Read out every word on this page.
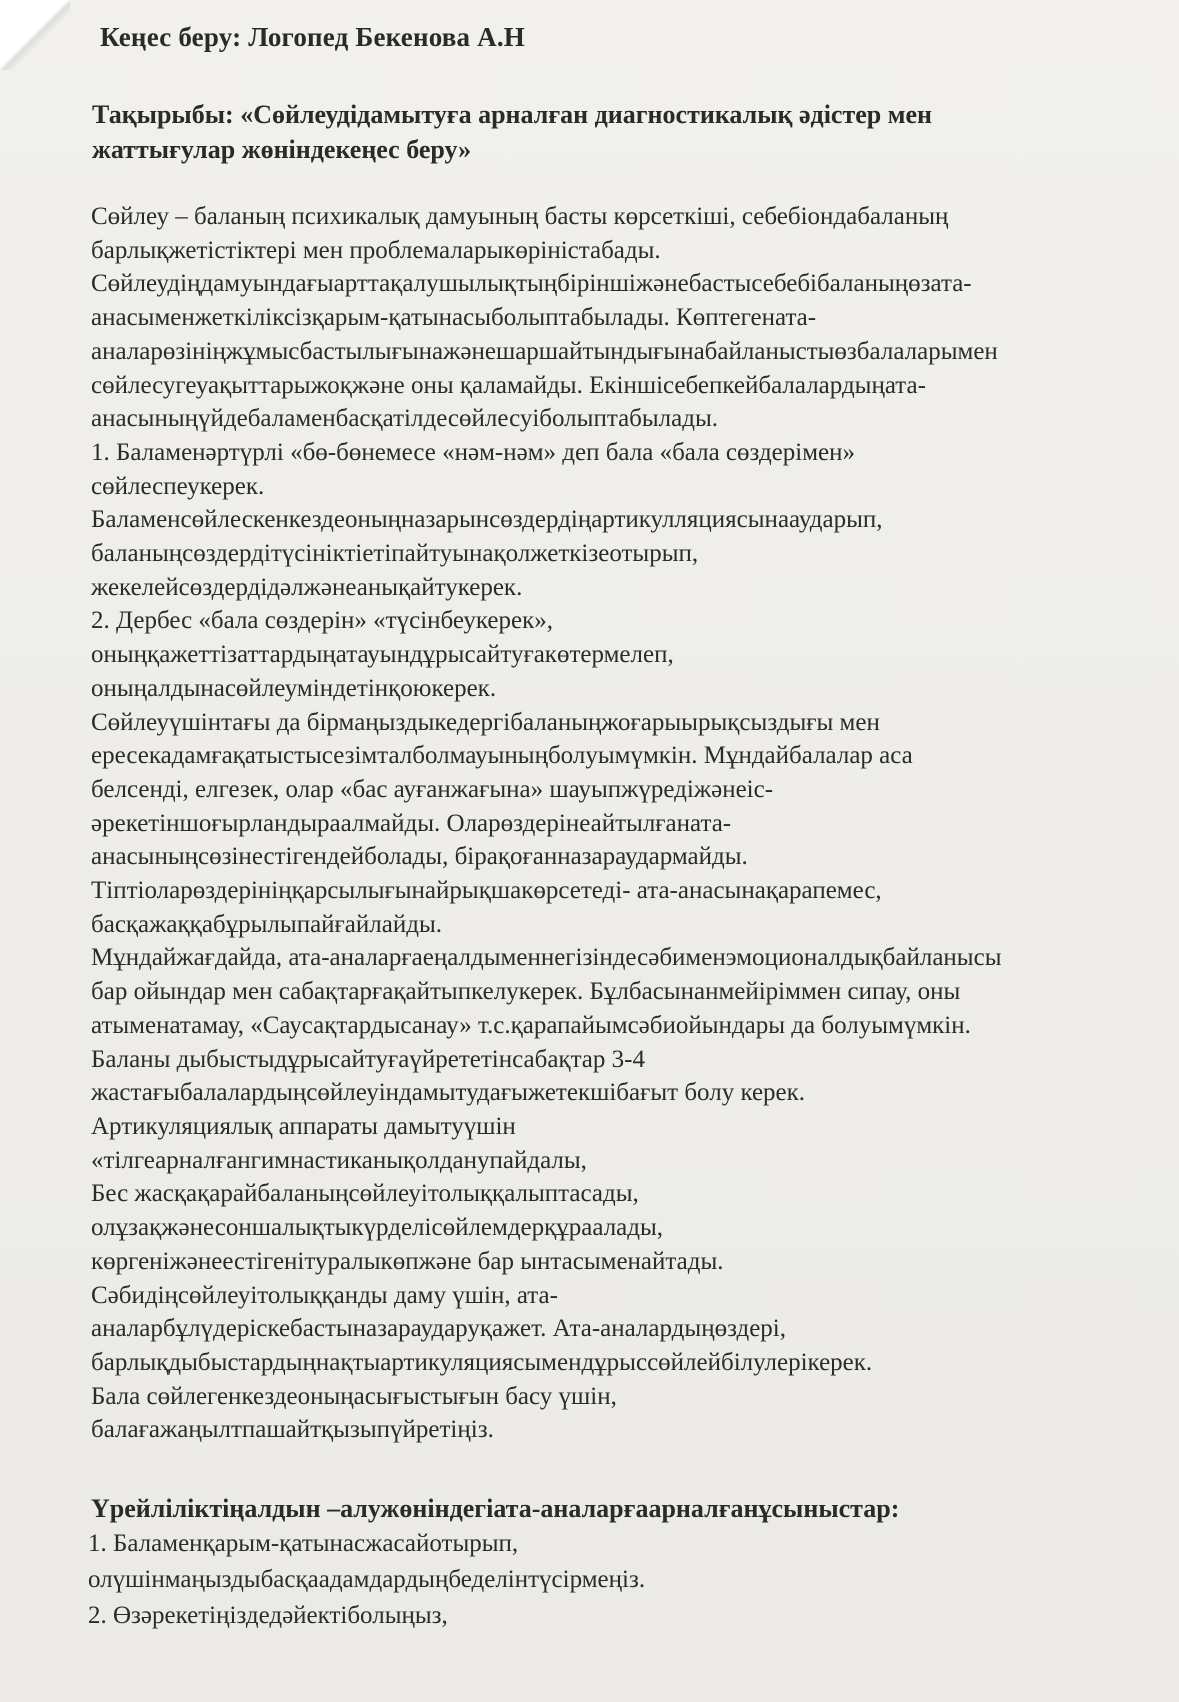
Кеңес беру: Логопед Бекенова А.Н
Тақырыбы: «Сөйлеудідамытуға арналған диагностикалық әдістер мен
жаттығулар жөніндекеңес беру»
Сөйлеу – баланың психикалық дамуының басты көрсеткіші, себебіондабаланың
барлықжетістіктері мен проблемаларыкөріністабады.
Сөйлеудіңдамуындағыарттақалушылықтыңбіріншіжәнебастысебебібаланыңөзата-
анасыменжеткіліксізқарым-қатынасыболыптабылады. Көптегената-
аналарөзініңжұмысбастылығынажәнешаршайтындығынабайланыстыөзбалаларымен
сөйлесугеуақыттарыжоқжәне оны қаламайды. Екіншісебепкейбалалардыңата-
анасыныңүйдебаламенбасқатілдесөйлесуіболыптабылады.
1. Баламенәртүрлі «бө-бөнемесе «нәм-нәм» деп бала «бала сөздерімен»
сөйлеспеукерек.
Баламенсөйлескенкездеоныңназарынсөздердіңартикулляциясынааударып,
баланыңсөздердітүсініктіетіпайтуынақолжеткізеотырып,
жекелейсөздердідәлжәнеанықайтукерек.
2. Дербес «бала сөздерін» «түсінбеукерек»,
оныңқажеттізаттардыңатауындұрысайтуғакөтермелеп,
оныңалдынасөйлеуміндетінқоюкерек.
Сөйлеуүшінтағы да бірмаңыздыкедергібаланыңжоғарыырықсыздығы мен
ересекадамғақатыстысезімталболмауыныңболуымүмкін. Мұндайбалалар аса
белсенді, елгезек, олар «бас ауғанжағына» шауыпжүредіжәнеіс-
әрекетіншоғырландыраалмайды. Оларөздерінеайтылғаната-
анасыныңсөзінестігендейболады, бірақоғанназараудармайды.
Тіптіоларөздерініңқарсылығынайрықшакөрсетеді- ата-анасынақарапемес,
басқажаққабұрылыпайғайлайды.
Мұндайжағдайда, ата-аналарғаеңалдыменнегізіндесәбименэмоционалдықбайланысы
бар ойындар мен сабақтарғақайтыпкелукерек. Бұлбасынанмейіріммен сипау, оны
атыменатамау, «Саусақтардысанау» т.с.қарапайымсәбиойындары да болуымүмкін.
Баланы дыбыстыдұрысайтуғаүйрететінсабақтар 3-4
жастағыбалалардыңсөйлеуіндамытудағыжетекшібағыт болу керек.
Артикуляциялық аппараты дамытуүшін
«тілгеарналғангимнастиканықолданупайдалы,
Бес жасқақарайбаланыңсөйлеуітолыққалыптасады,
олұзақжәнесоншалықтыкүрделісөйлемдерқұраалады,
көргеніжәнеестігенітуралыкөпжәне бар ынтасыменайтады.
Сәбидіңсөйлеуітолыққанды даму үшін, ата-
аналарбұлүдеріскебастыназараударуқажет. Ата-аналардыңөздері,
барлықдыбыстардыңнақтыартикуляциясымендұрыссөйлейбілулерікерек.
Бала сөйлегенкездеоныңасығыстығын басу үшін,
балағажаңылтпашайтқызыпүйретіңіз.
Үрейліліктіңалдын –алужөніндегіата-аналарғаарналғанұсыныстар:
1. Баламенқарым-қатынасжасайотырып,
олүшінмаңыздыбасқаадамдардыңбеделінтүсірмеңіз.
2. Өзәрекетіңіздедәйектіболыңыз,
